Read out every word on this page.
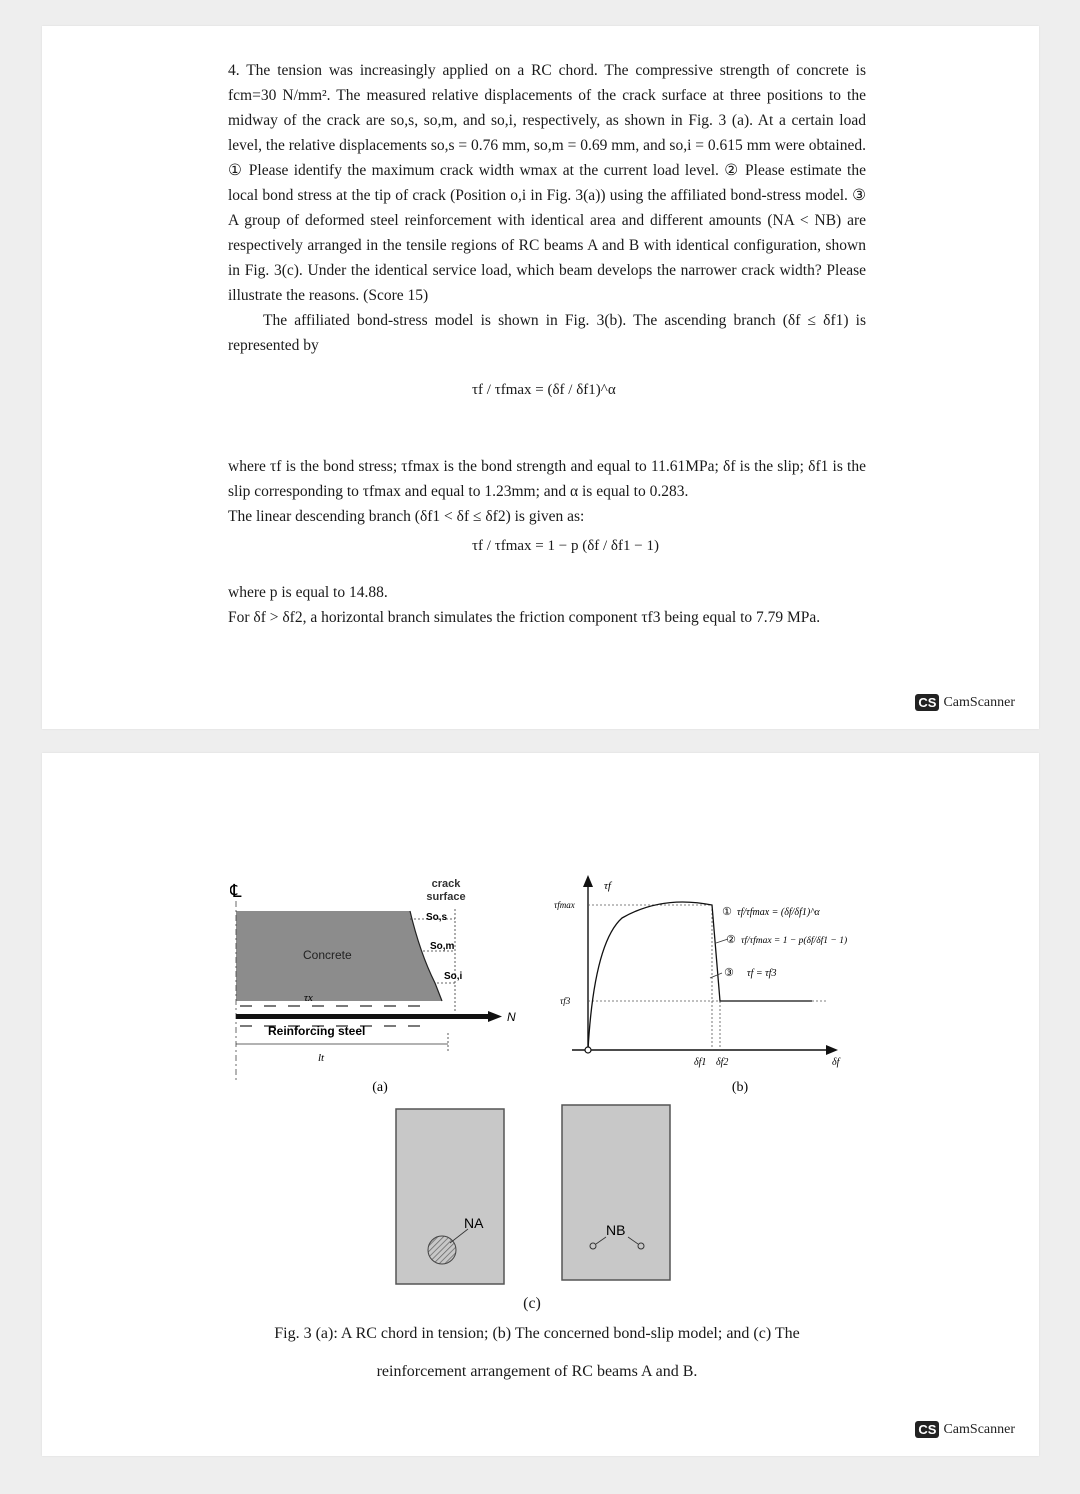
4. The tension was increasingly applied on a RC chord. The compressive strength of concrete is fcm=30 N/mm². The measured relative displacements of the crack surface at three positions to the midway of the crack are so,s, so,m, and so,i, respectively, as shown in Fig. 3 (a). At a certain load level, the relative displacements so,s = 0.76 mm, so,m = 0.69 mm, and so,i = 0.615 mm were obtained. ① Please identify the maximum crack width wmax at the current load level. ② Please estimate the local bond stress at the tip of crack (Position o,i in Fig. 3(a)) using the affiliated bond-stress model. ③ A group of deformed steel reinforcement with identical area and different amounts (NA < NB) are respectively arranged in the tensile regions of RC beams A and B with identical configuration, shown in Fig. 3(c). Under the identical service load, which beam develops the narrower crack width? Please illustrate the reasons. (Score 15)

The affiliated bond-stress model is shown in Fig. 3(b). The ascending branch (δf ≤ δf1) is represented by

τf / τfmax = (δf / δf1)^α

where τf is the bond stress; τfmax is the bond strength and equal to 11.61MPa; δf is the slip; δf1 is the slip corresponding to τfmax and equal to 1.23mm; and α is equal to 0.283.

The linear descending branch (δf1 < δf ≤ δf2) is given as:

τf / τfmax = 1 − p (δf / δf1 − 1)

where p is equal to 14.88.

For δf > δf2, a horizontal branch simulates the friction component τf3 being equal to 7.79 MPa.

CS CamScanner
℄	crack
surface
So,s
So,m
So,i
Concrete
τx
N
Reinforcing steel
lt
(a)
τf
τfmax
τf3
δf1 δf2	δf
① τf/τfmax = (δf/δf1)^α
② τf/τfmax = 1 − p(δf/δf1 − 1)
③ τf = τf3
(b)
NA	NB
(c)
Fig. 3 (a): A RC chord in tension; (b) The concerned bond-slip model; and (c) The
reinforcement arrangement of RC beams A and B.
CS CamScanner
